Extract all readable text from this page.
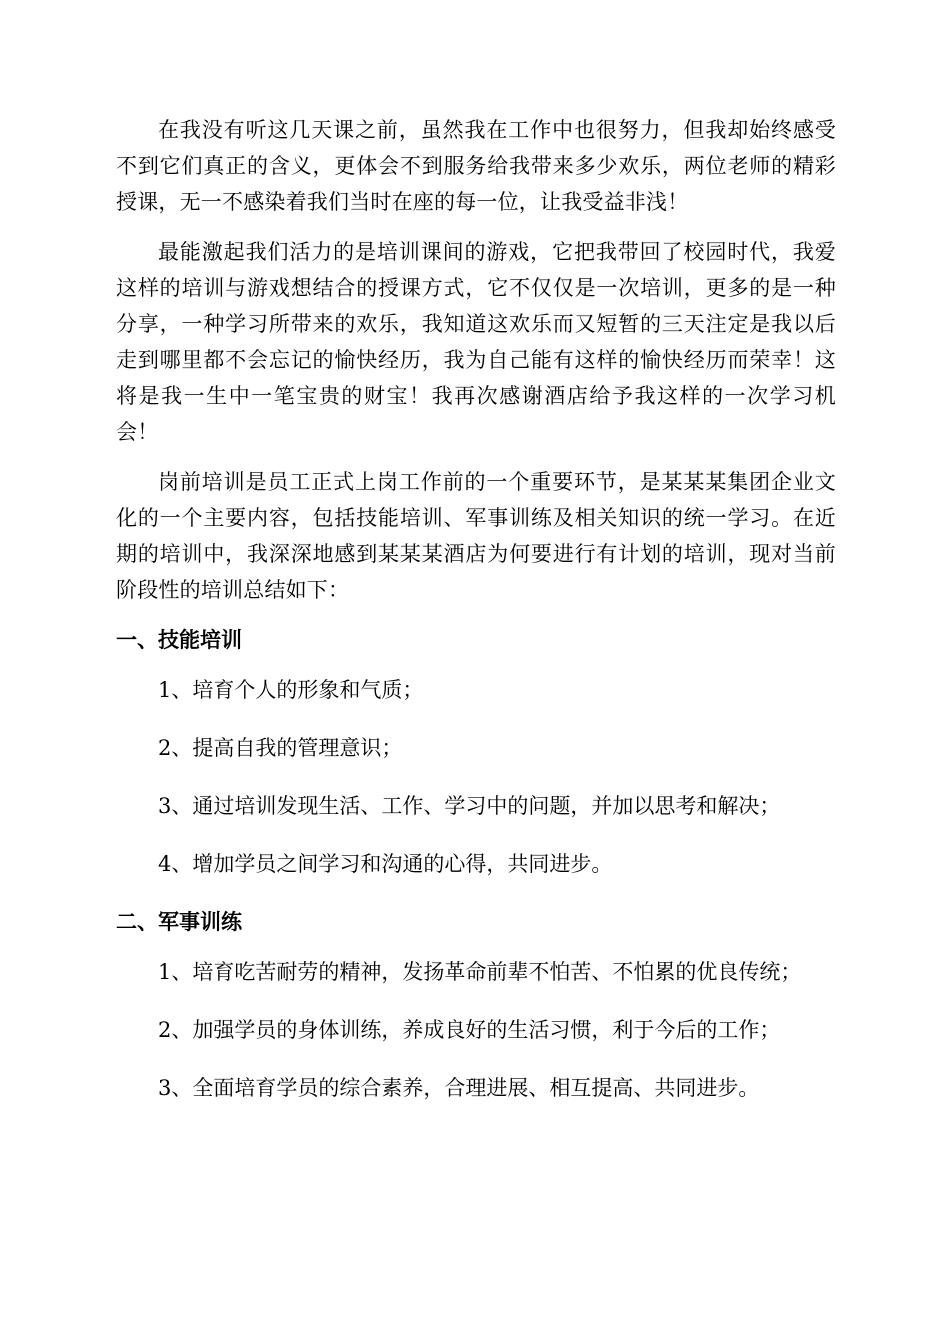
在我没有听这几天课之前，虽然我在工作中也很努力，但我却始终感受不到它们真正的含义，更体会不到服务给我带来多少欢乐，两位老师的精彩授课，无一不感染着我们当时在座的每一位，让我受益非浅！

最能激起我们活力的是培训课间的游戏，它把我带回了校园时代，我爱这样的培训与游戏想结合的授课方式，它不仅仅是一次培训，更多的是一种分享，一种学习所带来的欢乐，我知道这欢乐而又短暂的三天注定是我以后走到哪里都不会忘记的愉快经历，我为自己能有这样的愉快经历而荣幸！这将是我一生中一笔宝贵的财宝！我再次感谢酒店给予我这样的一次学习机会！

岗前培训是员工正式上岗工作前的一个重要环节，是某某某集团企业文化的一个主要内容，包括技能培训、军事训练及相关知识的统一学习。在近期的培训中，我深深地感到某某某酒店为何要进行有计划的培训，现对当前阶段性的培训总结如下：

一、技能培训

1、培育个人的形象和气质；

2、提高自我的管理意识；

3、通过培训发现生活、工作、学习中的问题，并加以思考和解决；

4、增加学员之间学习和沟通的心得，共同进步。

二、军事训练

1、培育吃苦耐劳的精神，发扬革命前辈不怕苦、不怕累的优良传统；

2、加强学员的身体训练，养成良好的生活习惯，利于今后的工作；

3、全面培育学员的综合素养，合理进展、相互提高、共同进步。
